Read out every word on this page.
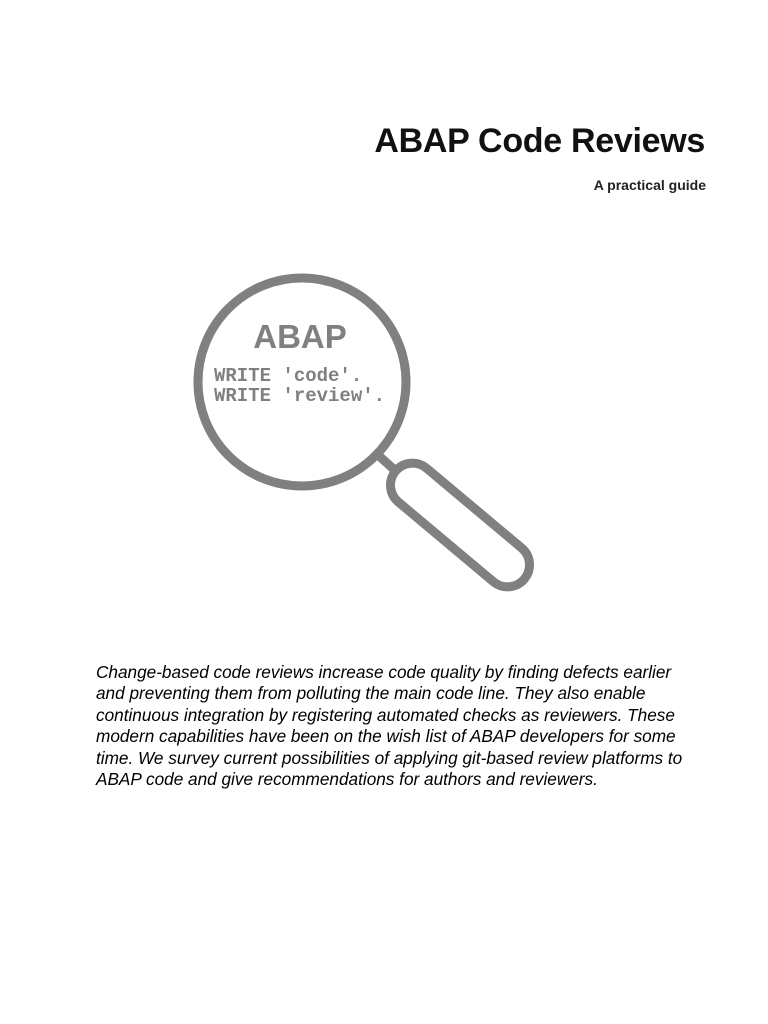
ABAP Code Reviews
A practical guide
ABAP
WRITE 'code'.
WRITE 'review'.

Change-based code reviews increase code quality by finding defects earlier and preventing them from polluting the main code line. They also enable continuous integration by registering automated checks as reviewers. These modern capabilities have been on the wish list of ABAP developers for some time. We survey current possibilities of applying git-based review platforms to ABAP code and give recommendations for authors and reviewers.
